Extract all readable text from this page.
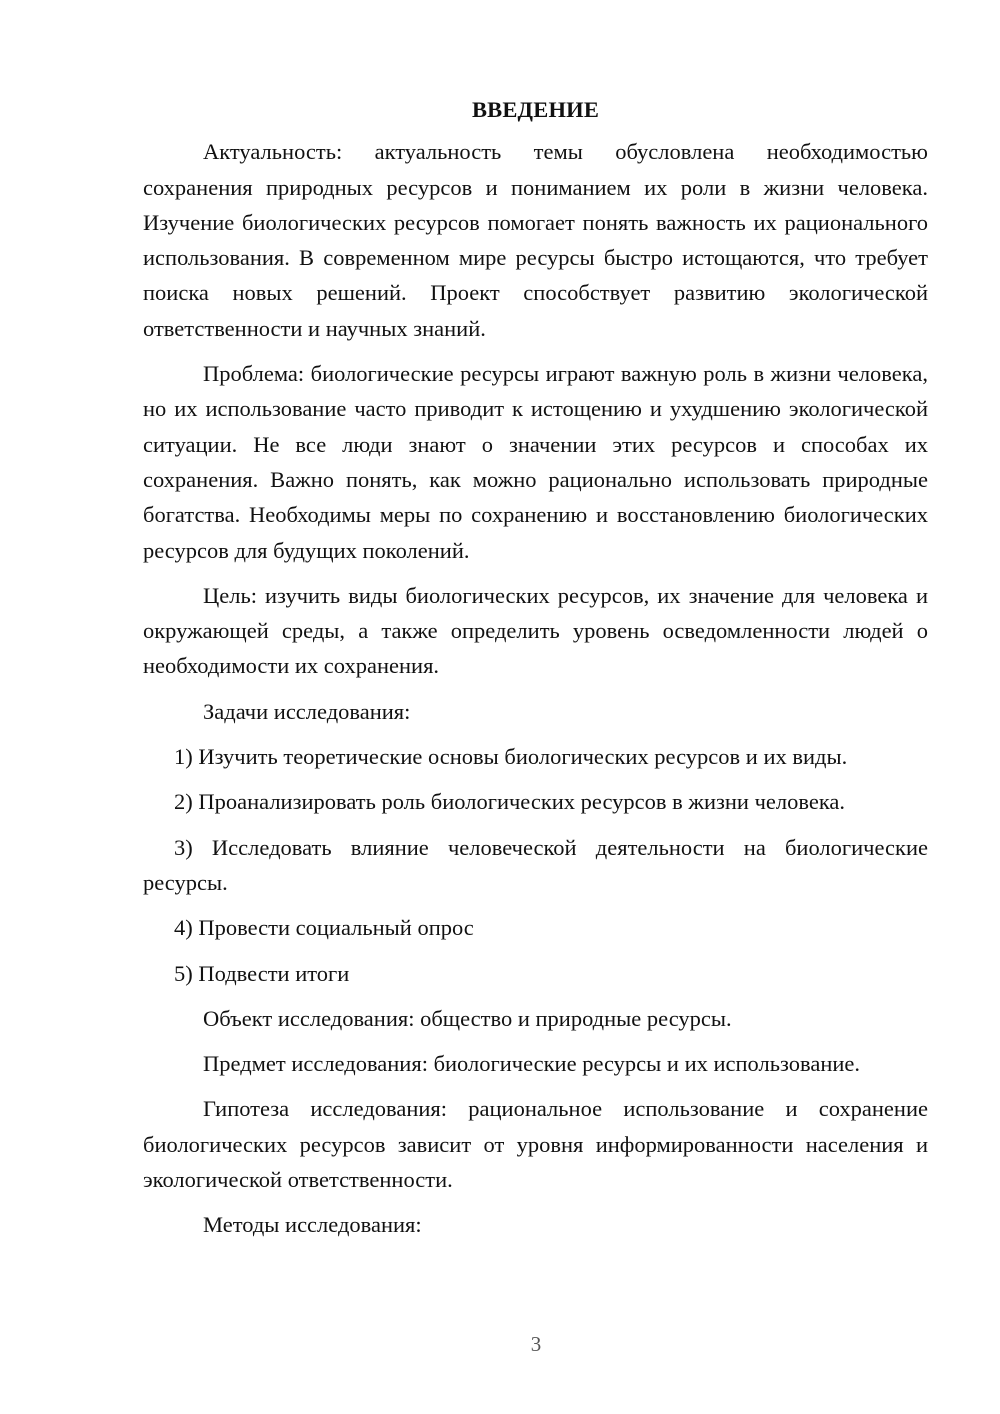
ВВЕДЕНИЕ

Актуальность: актуальность темы обусловлена необходимостью сохранения природных ресурсов и пониманием их роли в жизни человека. Изучение биологических ресурсов помогает понять важность их рационального использования. В современном мире ресурсы быстро истощаются, что требует поиска новых решений. Проект способствует развитию экологической ответственности и научных знаний.

Проблема: биологические ресурсы играют важную роль в жизни человека, но их использование часто приводит к истощению и ухудшению экологической ситуации. Не все люди знают о значении этих ресурсов и способах их сохранения. Важно понять, как можно рационально использовать природные богатства. Необходимы меры по сохранению и восстановлению биологических ресурсов для будущих поколений.

Цель: изучить виды биологических ресурсов, их значение для человека и окружающей среды, а также определить уровень осведомленности людей о необходимости их сохранения.

Задачи исследования:

1) Изучить теоретические основы биологических ресурсов и их виды.

2) Проанализировать роль биологических ресурсов в жизни человека.

3) Исследовать влияние человеческой деятельности на биологические ресурсы.

4) Провести социальный опрос

5) Подвести итоги

Объект исследования: общество и природные ресурсы.

Предмет исследования: биологические ресурсы и их использование.

Гипотеза исследования: рациональное использование и сохранение биологических ресурсов зависит от уровня информированности населения и экологической ответственности.

Методы исследования:

3
